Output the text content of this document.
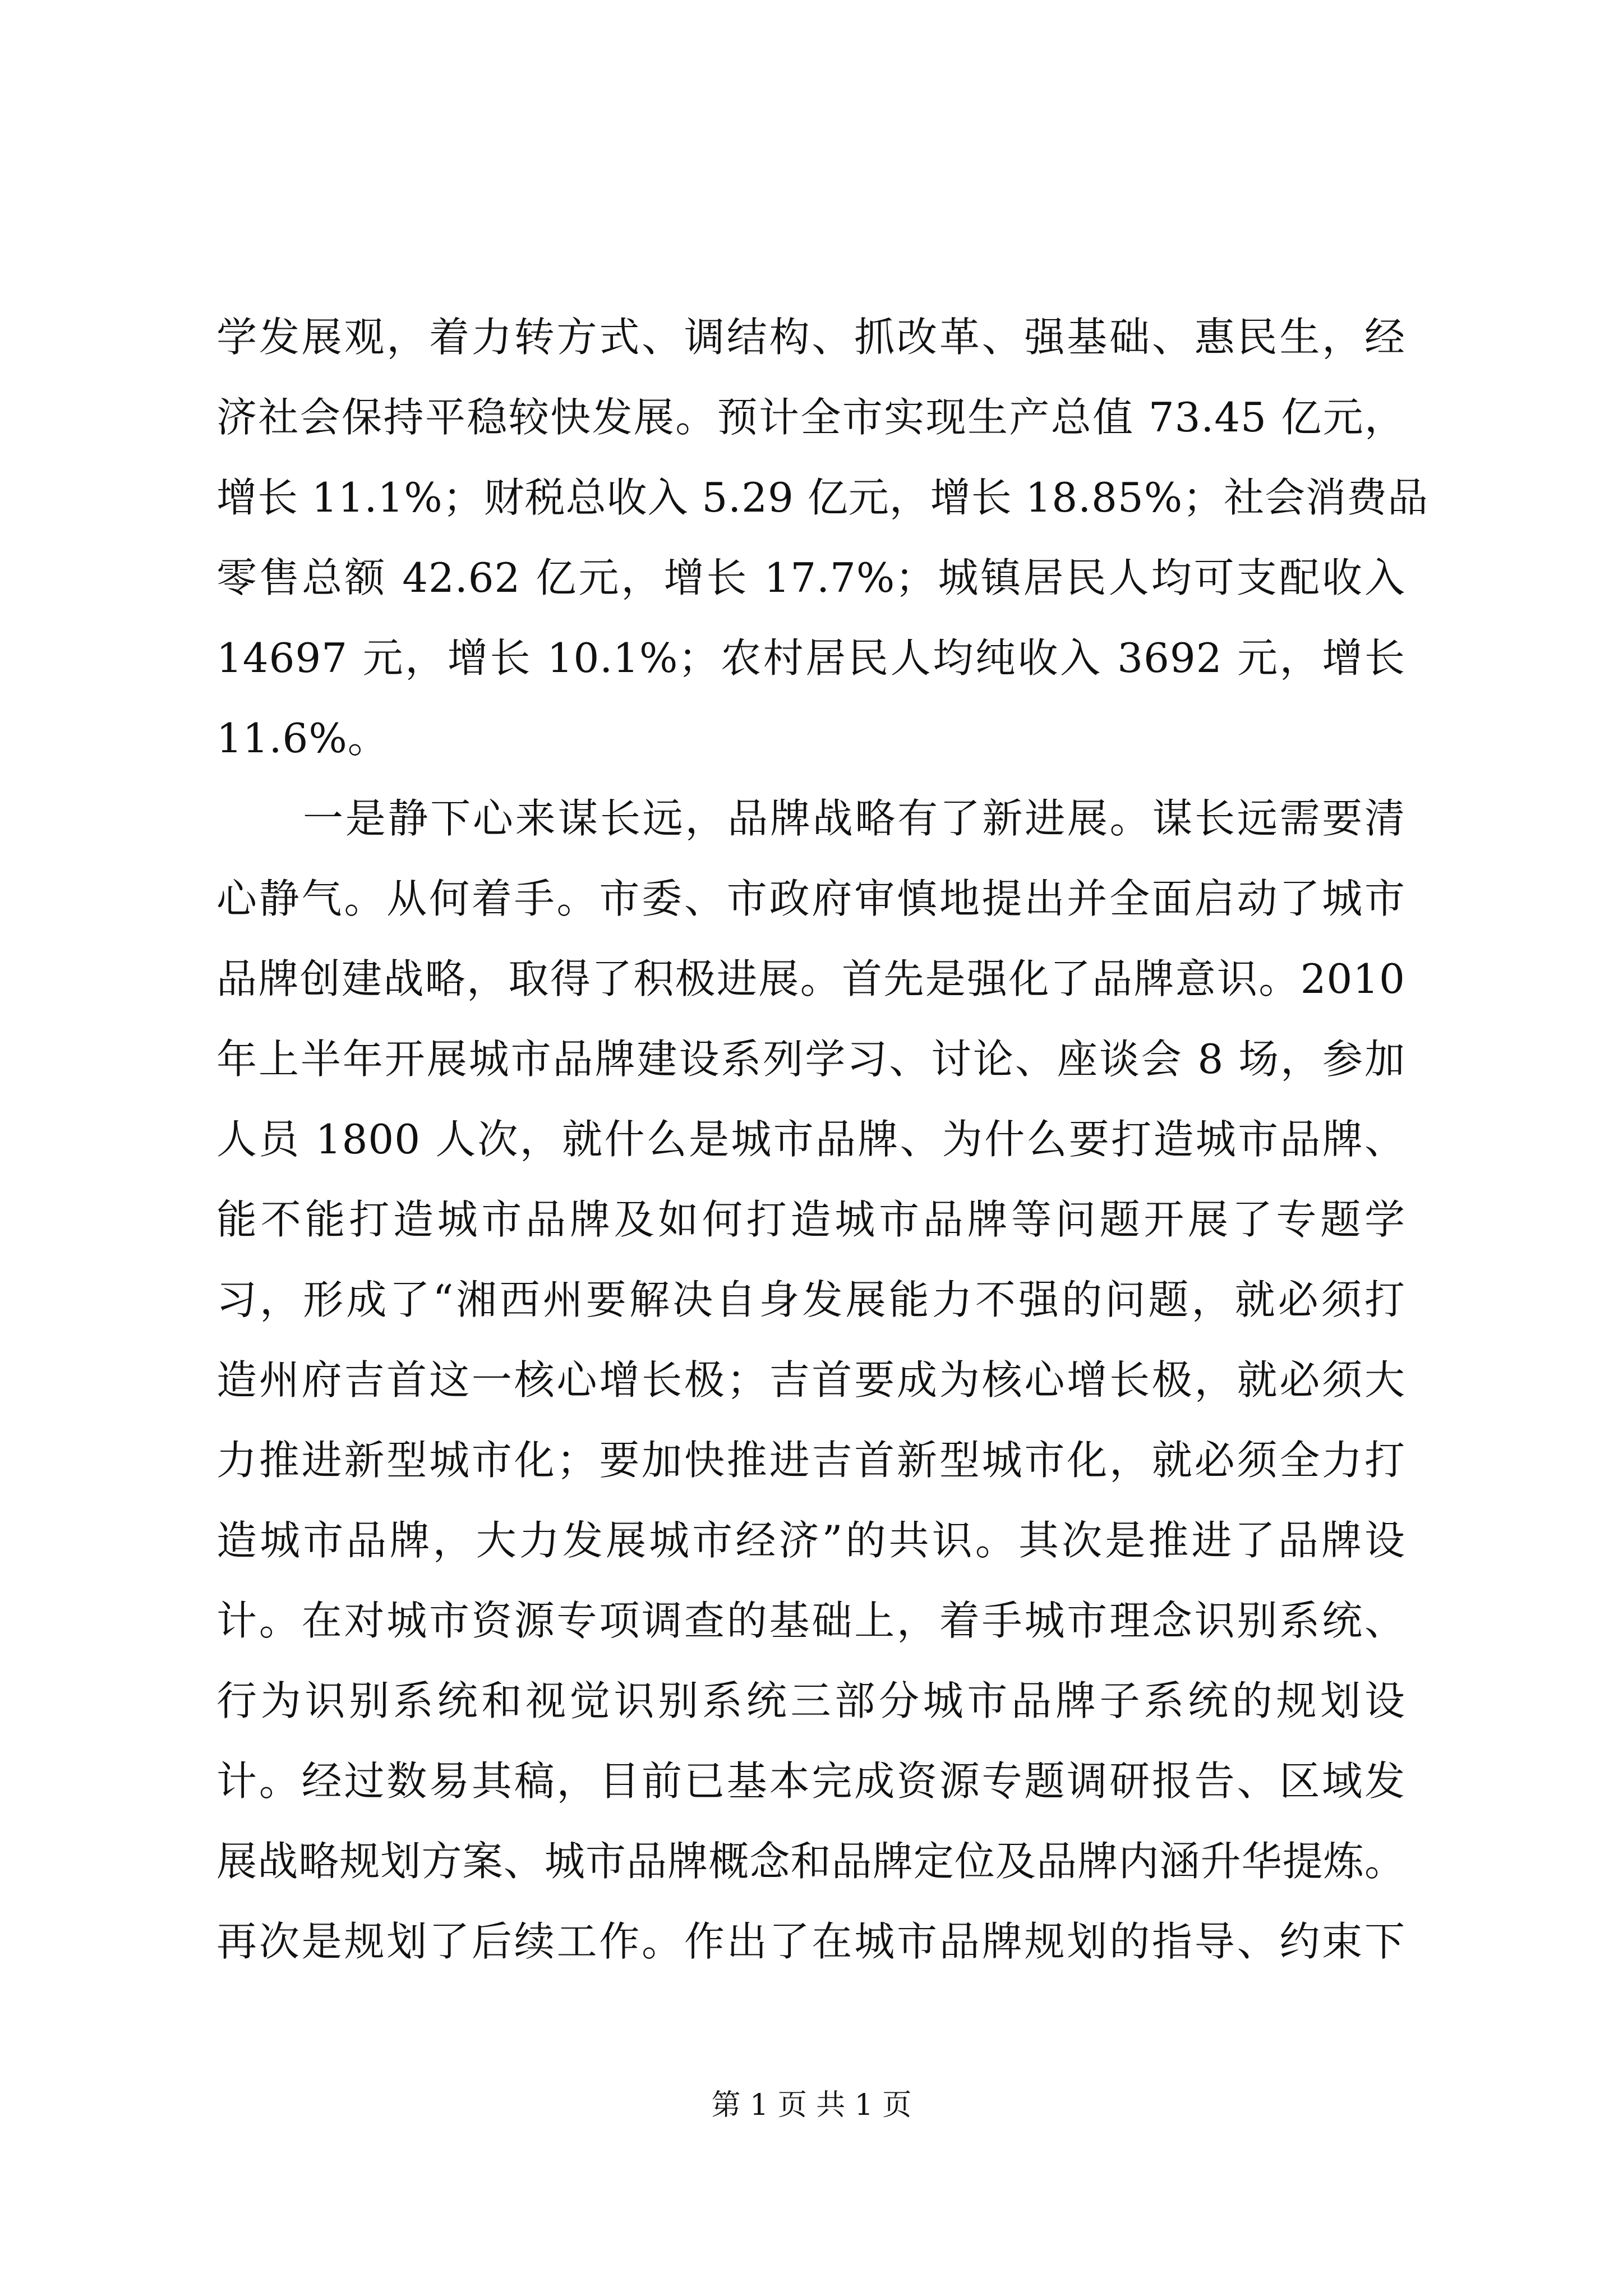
学发展观，着力转方式、调结构、抓改革、强基础、惠民生，经
济社会保持平稳较快发展。预计全市实现生产总值 73.45 亿元，
增长 11.1%；财税总收入 5.29 亿元，增长 18.85%；社会消费品
零售总额 42.62 亿元，增长 17.7%；城镇居民人均可支配收入
14697 元，增长 10.1%；农村居民人均纯收入 3692 元，增长
11.6%。
一是静下心来谋长远，品牌战略有了新进展。谋长远需要清
心静气。从何着手。市委、市政府审慎地提出并全面启动了城市
品牌创建战略，取得了积极进展。首先是强化了品牌意识。2010
年上半年开展城市品牌建设系列学习、讨论、座谈会 8 场，参加
人员 1800 人次，就什么是城市品牌、为什么要打造城市品牌、
能不能打造城市品牌及如何打造城市品牌等问题开展了专题学
习，形成了“湘西州要解决自身发展能力不强的问题，就必须打
造州府吉首这一核心增长极；吉首要成为核心增长极，就必须大
力推进新型城市化；要加快推进吉首新型城市化，就必须全力打
造城市品牌，大力发展城市经济”的共识。其次是推进了品牌设
计。在对城市资源专项调查的基础上，着手城市理念识别系统、
行为识别系统和视觉识别系统三部分城市品牌子系统的规划设
计。经过数易其稿，目前已基本完成资源专题调研报告、区域发
展战略规划方案、城市品牌概念和品牌定位及品牌内涵升华提炼。
再次是规划了后续工作。作出了在城市品牌规划的指导、约束下
第 1 页 共 1 页
